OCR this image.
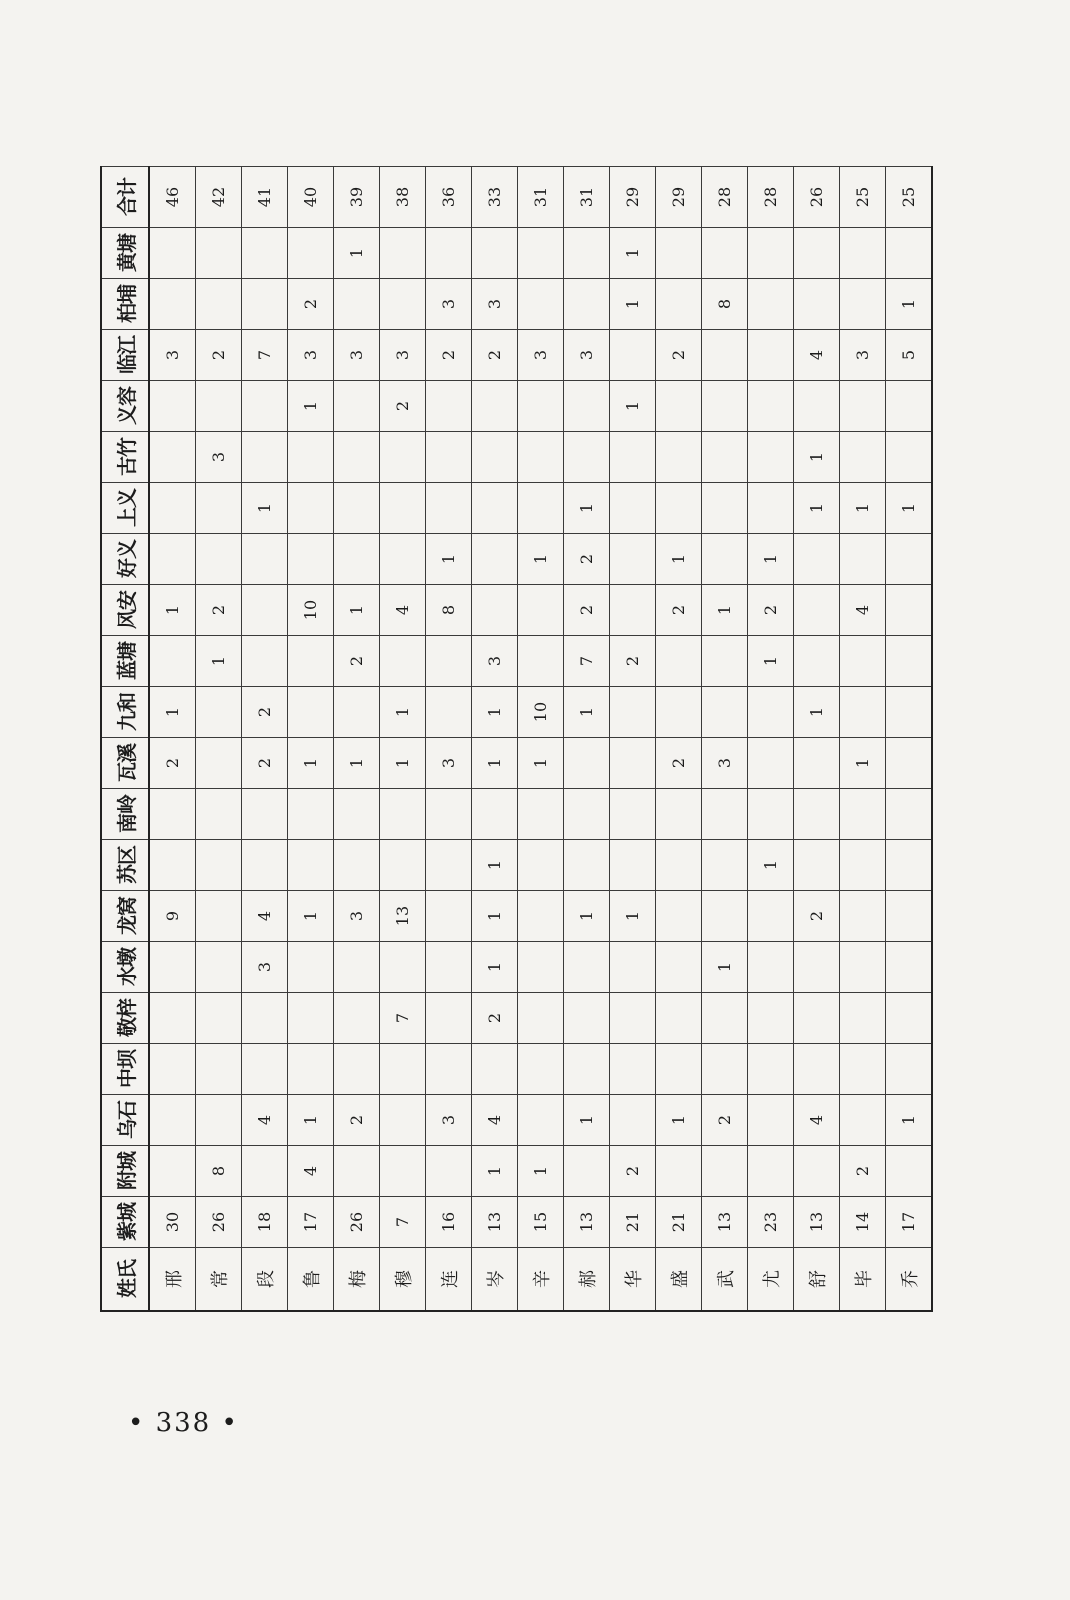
姓氏	紫城	附城	乌石	中坝	敬梓	水墩	龙窝	苏区	南岭	瓦溪	九和	蓝塘	风安	好义	上义	古竹	义容	临江	柏埔	黄塘	合计
邢	30						9			2	1		1					3			46
常	26	8										1	2			3		2			42
段	18		4			3	4			2	2				1			7			41
鲁	17	4	1				1			1			10				1	3	2		40
梅	26		2				3			1		2	1					3		1	39
穆	7				7		13			1	1		4				2	3			38
连	16		3							3			8	1				2	3		36
岑	13	1	4		2	1	1	1		1	1	3						2	3		33
辛	15	1								1	10			1				3			31
郝	13		1				1				1	7	2	2	1			3			31
华	21	2					1					2					1		1	1	29
盛	21		1							2			2	1				2			29
武	13		2			1				3			1						8		28
尤	23							1				1	2	1							28
舒	13		4				2				1				1	1		4			26
毕	14	2								1			4		1			3			25
乔	17		1												1			5	1		25
• 338 •
